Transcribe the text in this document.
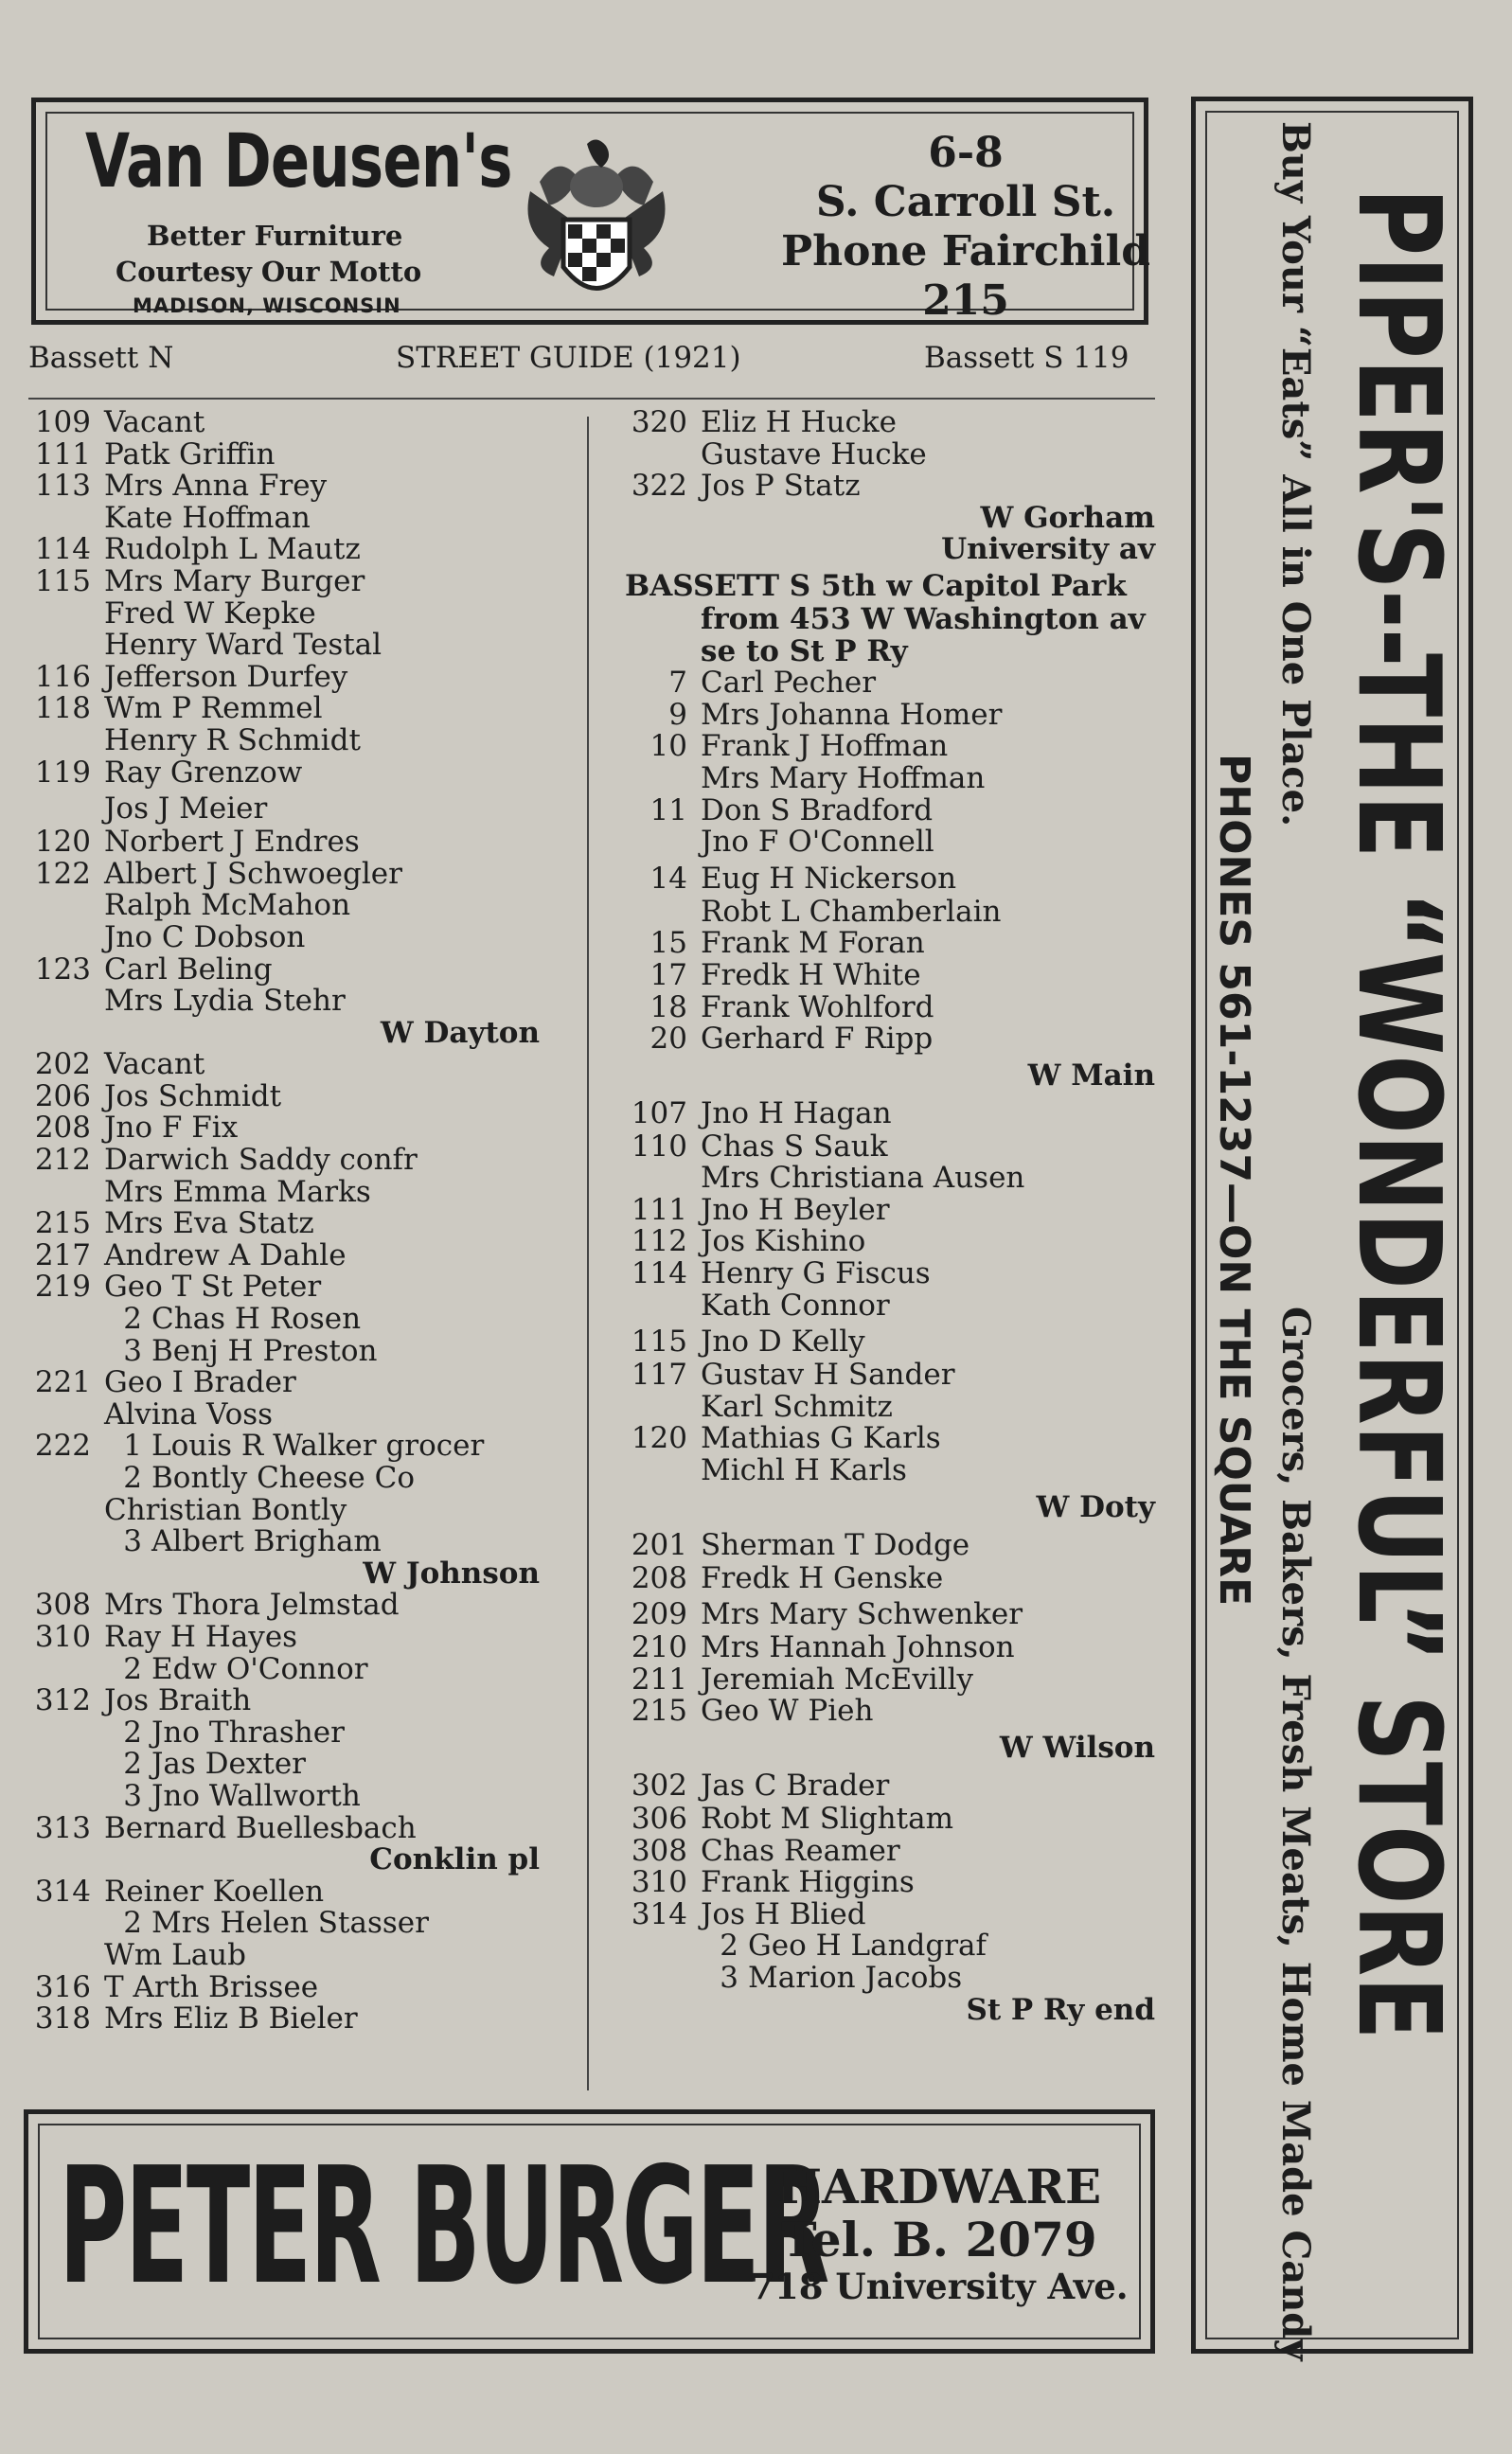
Van Deusen's
Better Furniture
Courtesy Our Motto
MADISON, WISCONSIN
6-8
S. Carroll St.
Phone Fairchild
215
Bassett N	STREET GUIDE (1921)	Bassett S 119
109 Vacant
111 Patk Griffin
113 Mrs Anna Frey
Kate Hoffman
114 Rudolph L Mautz
115 Mrs Mary Burger
Fred W Kepke
Henry Ward Testal
116 Jefferson Durfey
118 Wm P Remmel
Henry R Schmidt
119 Ray Grenzow
Jos J Meier
120 Norbert J Endres
122 Albert J Schwoegler
Ralph McMahon
Jno C Dobson
123 Carl Beling
Mrs Lydia Stehr
W Dayton
202 Vacant
206 Jos Schmidt
208 Jno F Fix
212 Darwich Saddy confr
Mrs Emma Marks
215 Mrs Eva Statz
217 Andrew A Dahle
219 Geo T St Peter
2 Chas H Rosen
3 Benj H Preston
221 Geo I Brader
Alvina Voss
222 1 Louis R Walker grocer
2 Bontly Cheese Co
Christian Bontly
3 Albert Brigham
W Johnson
308 Mrs Thora Jelmstad
310 Ray H Hayes
2 Edw O'Connor
312 Jos Braith
2 Jno Thrasher
2 Jas Dexter
3 Jno Wallworth
313 Bernard Buellesbach
Conklin pl
314 Reiner Koellen
2 Mrs Helen Stasser
Wm Laub
316 T Arth Brissee
318 Mrs Eliz B Bieler
320 Eliz H Hucke
Gustave Hucke
322 Jos P Statz
W Gorham
University av
BASSETT S 5th w Capitol Park
from 453 W Washington av
se to St P Ry
7 Carl Pecher
9 Mrs Johanna Homer
10 Frank J Hoffman
Mrs Mary Hoffman
11 Don S Bradford
Jno F O'Connell
14 Eug H Nickerson
Robt L Chamberlain
15 Frank M Foran
17 Fredk H White
18 Frank Wohlford
20 Gerhard F Ripp
W Main
107 Jno H Hagan
110 Chas S Sauk
Mrs Christiana Ausen
111 Jno H Beyler
112 Jos Kishino
114 Henry G Fiscus
Kath Connor
115 Jno D Kelly
117 Gustav H Sander
Karl Schmitz
120 Mathias G Karls
Michl H Karls
W Doty
201 Sherman T Dodge
208 Fredk H Genske
209 Mrs Mary Schwenker
210 Mrs Hannah Johnson
211 Jeremiah McEvilly
215 Geo W Pieh
W Wilson
302 Jas C Brader
306 Robt M Slightam
308 Chas Reamer
310 Frank Higgins
314 Jos H Blied
2 Geo H Landgraf
3 Marion Jacobs
St P Ry end
PETER BURGER
HARDWARE
Tel. B. 2079
718 University Ave.
Buy Your “Eats” All in One Place. PIPER'S--THE “WONDERFUL” STORE
PHONES 561-1237—ON THE SQUARE
Grocers, Bakers, Fresh Meats, Home Made Candy
